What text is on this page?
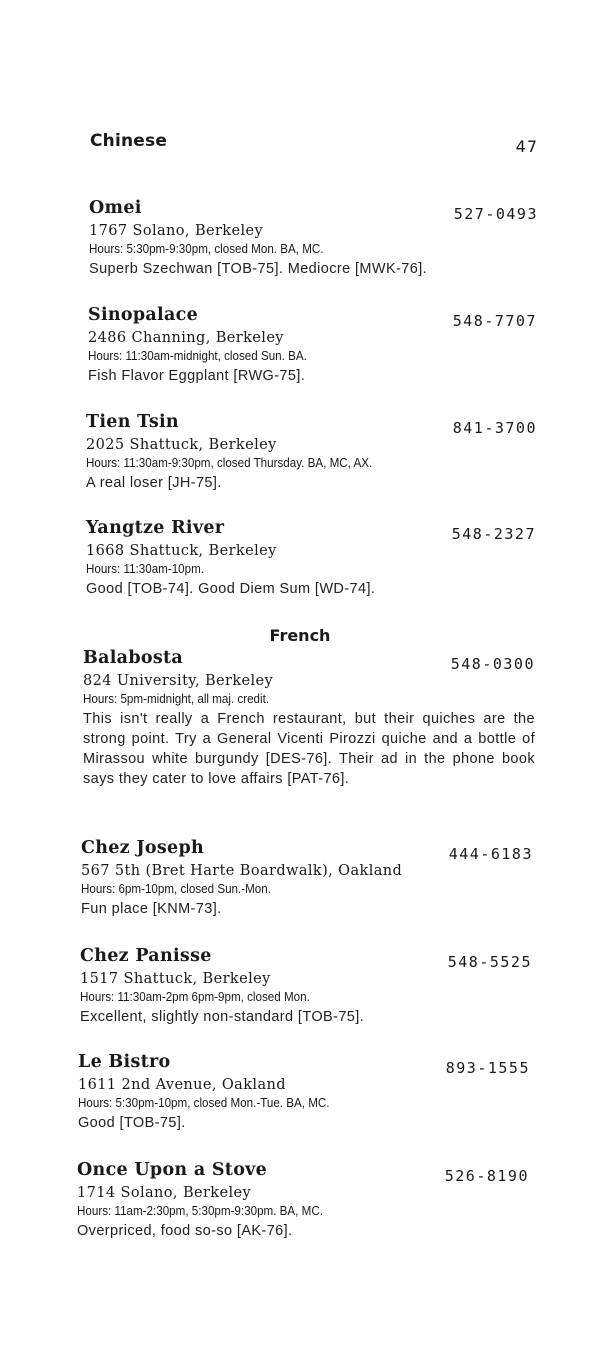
Chinese	47
Omei	527-0493
1767 Solano, Berkeley
Hours: 5:30pm-9:30pm, closed Mon. BA, MC.
Superb Szechwan [TOB-75]. Mediocre [MWK-76].
Sinopalace	548-7707
2486 Channing, Berkeley
Hours: 11:30am-midnight, closed Sun. BA.
Fish Flavor Eggplant [RWG-75].
Tien Tsin	841-3700
2025 Shattuck, Berkeley
Hours: 11:30am-9:30pm, closed Thursday. BA, MC, AX.
A real loser [JH-75].
Yangtze River	548-2327
1668 Shattuck, Berkeley
Hours: 11:30am-10pm.
Good [TOB-74]. Good Diem Sum [WD-74].
French
Balabosta	548-0300
824 University, Berkeley
Hours: 5pm-midnight, all maj. credit.
This isn't really a French restaurant, but their quiches are the strong point. Try a General Vicenti Pirozzi quiche and a bottle of Mirassou white burgundy [DES-76]. Their ad in the phone book says they cater to love affairs [PAT-76].
Chez Joseph	444-6183
567 5th (Bret Harte Boardwalk), Oakland
Hours: 6pm-10pm, closed Sun.-Mon.
Fun place [KNM-73].
Chez Panisse	548-5525
1517 Shattuck, Berkeley
Hours: 11:30am-2pm 6pm-9pm, closed Mon.
Excellent, slightly non-standard [TOB-75].
Le Bistro	893-1555
1611 2nd Avenue, Oakland
Hours: 5:30pm-10pm, closed Mon.-Tue. BA, MC.
Good [TOB-75].
Once Upon a Stove	526-8190
1714 Solano, Berkeley
Hours: 11am-2:30pm, 5:30pm-9:30pm. BA, MC.
Overpriced, food so-so [AK-76].
